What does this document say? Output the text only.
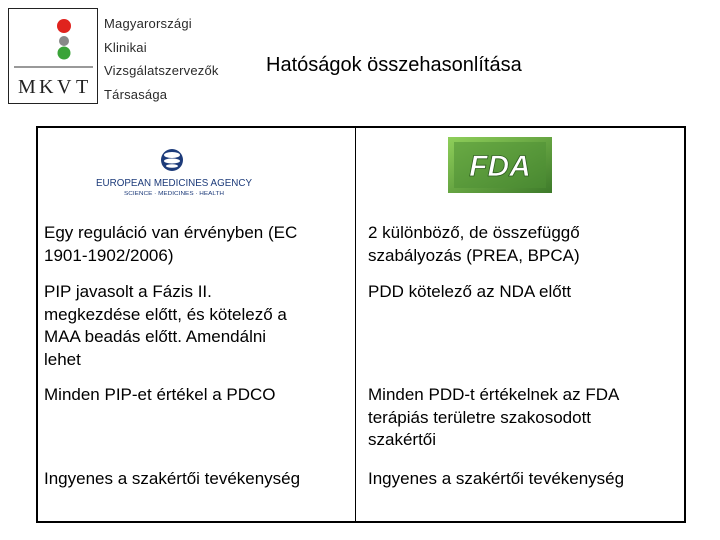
M K V T
Magyarországi
Klinikai
Vizsgálatszervezők
Társasága
Hatóságok összehasonlítása
EUROPEAN MEDICINES AGENCY
SCIENCE · MEDICINES · HEALTH
FDA
Egy reguláció van érvényben (EC
1901-1902/2006)
2 különböző, de összefüggő
szabályozás (PREA, BPCA)
PIP javasolt a Fázis II.
megkezdése előtt, és kötelező a
MAA beadás előtt. Amendálni
lehet
PDD kötelező az NDA előtt
Minden PIP-et értékel a PDCO	Minden PDD-t értékelnek az FDA
terápiás területre szakosodott
szakértői
Ingyenes a szakértői tevékenység	Ingyenes a szakértői tevékenység
